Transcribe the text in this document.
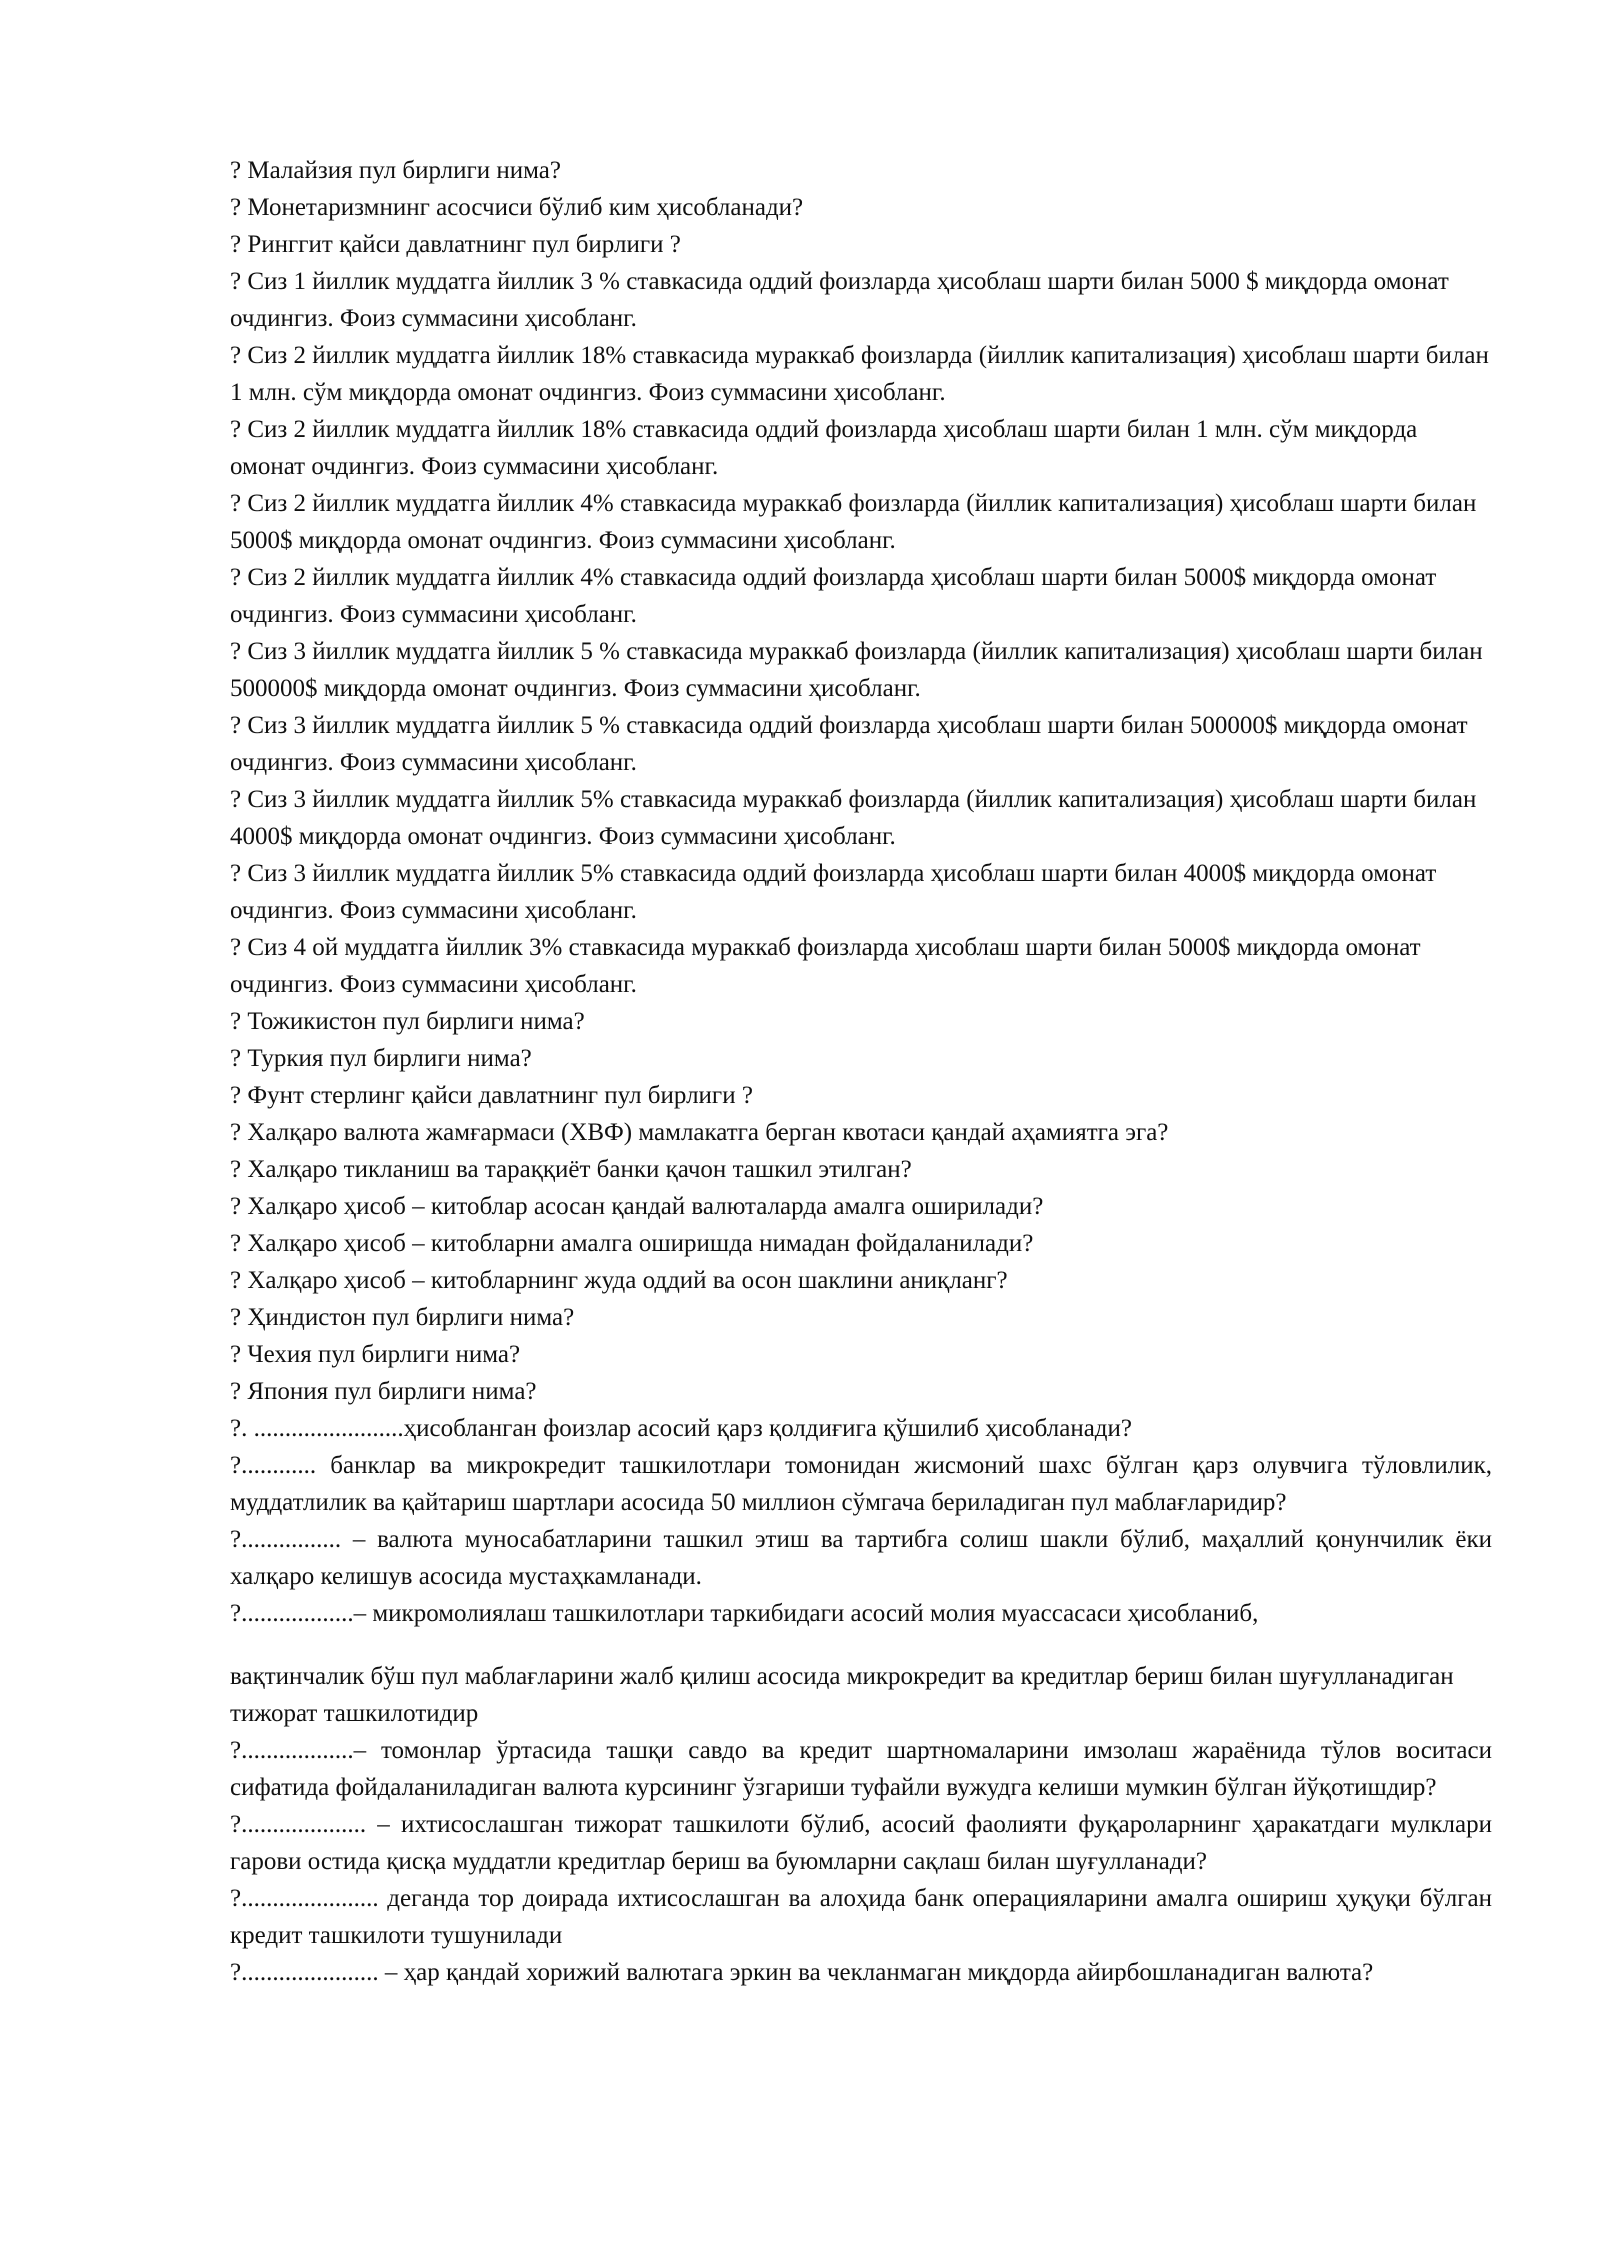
? Малайзия пул бирлиги нима?

? Монетаризмнинг асосчиси бўлиб ким ҳисобланади?

? Ринггит қайси давлатнинг пул бирлиги ?

? Сиз 1 йиллик муддатга йиллик 3 % ставкасида оддий фоизларда ҳисоблаш шарти билан 5000 $ миқдорда омонат очдингиз. Фоиз суммасини ҳисобланг.

? Сиз 2 йиллик муддатга йиллик 18% ставкасида мураккаб фоизларда (йиллик капитализация) ҳисоблаш шарти билан 1 млн. сўм миқдорда омонат очдингиз. Фоиз суммасини ҳисобланг.

? Сиз 2 йиллик муддатга йиллик 18% ставкасида оддий фоизларда ҳисоблаш шарти билан 1 млн. сўм миқдорда омонат очдингиз. Фоиз суммасини ҳисобланг.

? Сиз 2 йиллик муддатга йиллик 4% ставкасида мураккаб фоизларда (йиллик капитализация) ҳисоблаш шарти билан 5000$ миқдорда омонат очдингиз. Фоиз суммасини ҳисобланг.

? Сиз 2 йиллик муддатга йиллик 4% ставкасида оддий фоизларда ҳисоблаш шарти билан 5000$ миқдорда омонат очдингиз. Фоиз суммасини ҳисобланг.

? Сиз 3 йиллик муддатга йиллик 5 % ставкасида мураккаб фоизларда (йиллик капитализация) ҳисоблаш шарти билан 500000$ миқдорда омонат очдингиз. Фоиз суммасини ҳисобланг.

? Сиз 3 йиллик муддатга йиллик 5 % ставкасида оддий фоизларда ҳисоблаш шарти билан 500000$ миқдорда омонат очдингиз. Фоиз суммасини ҳисобланг.

? Сиз 3 йиллик муддатга йиллик 5% ставкасида мураккаб фоизларда (йиллик капитализация) ҳисоблаш шарти билан 4000$ миқдорда омонат очдингиз. Фоиз суммасини ҳисобланг.

? Сиз 3 йиллик муддатга йиллик 5% ставкасида оддий фоизларда ҳисоблаш шарти билан 4000$ миқдорда омонат очдингиз. Фоиз суммасини ҳисобланг.

? Сиз 4 ой муддатга йиллик 3% ставкасида мураккаб фоизларда ҳисоблаш шарти билан 5000$ миқдорда омонат очдингиз. Фоиз суммасини ҳисобланг.

? Тожикистон пул бирлиги нима?

? Туркия пул бирлиги нима?

? Фунт стерлинг қайси давлатнинг пул бирлиги ?

? Халқаро валюта жамғармаси (ХВФ) мамлакатга берган квотаси қандай аҳамиятга эга?

? Халқаро тикланиш ва тараққиёт банки қачон ташкил этилган?

? Халқаро ҳисоб – китоблар асосан қандай валюталарда амалга оширилади?

? Халқаро ҳисоб – китобларни амалга оширишда нимадан фойдаланилади?

? Халқаро ҳисоб – китобларнинг жуда оддий ва осон шаклини аниқланг?

? Ҳиндистон пул бирлиги нима?

? Чехия пул бирлиги нима?

? Япония пул бирлиги нима?

?. ........................ҳисобланган фоизлар асосий қарз қолдиғига қўшилиб ҳисобланади?

?............ банклар ва микрокредит ташкилотлари томонидан жисмоний шахс бўлган қарз олувчига тўловлилик, муддатлилик ва қайтариш шартлари асосида 50 миллион сўмгача бериладиган пул маблағларидир?

?................ – валюта муносабатларини ташкил этиш ва тартибга солиш шакли бўлиб, маҳаллий қонунчилик ёки халқаро келишув асосида мустаҳкамланади.

?..................– микромолиялаш ташкилотлари таркибидаги асосий молия муассасаси ҳисобланиб,

вақтинчалик бўш пул маблағларини жалб қилиш асосида микрокредит ва кредитлар бериш билан шуғулланадиган тижорат ташкилотидир

?..................– томонлар ўртасида ташқи савдо ва кредит шартномаларини имзолаш жараёнида тўлов воситаси сифатида фойдаланиладиган валюта курсининг ўзгариши туфайли вужудга келиши мумкин бўлган йўқотишдир?

?.................... – ихтисослашган тижорат ташкилоти бўлиб, асосий фаолияти фуқароларнинг ҳаракатдаги мулклари гарови остида қисқа муддатли кредитлар бериш ва буюмларни сақлаш билан шуғулланади?

?...................... деганда тор доирада ихтисослашган ва алоҳида банк операцияларини амалга ошириш ҳуқуқи бўлган кредит ташкилоти тушунилади

?...................... – ҳар қандай хорижий валютага эркин ва чекланмаган миқдорда айирбошланадиган валюта?
